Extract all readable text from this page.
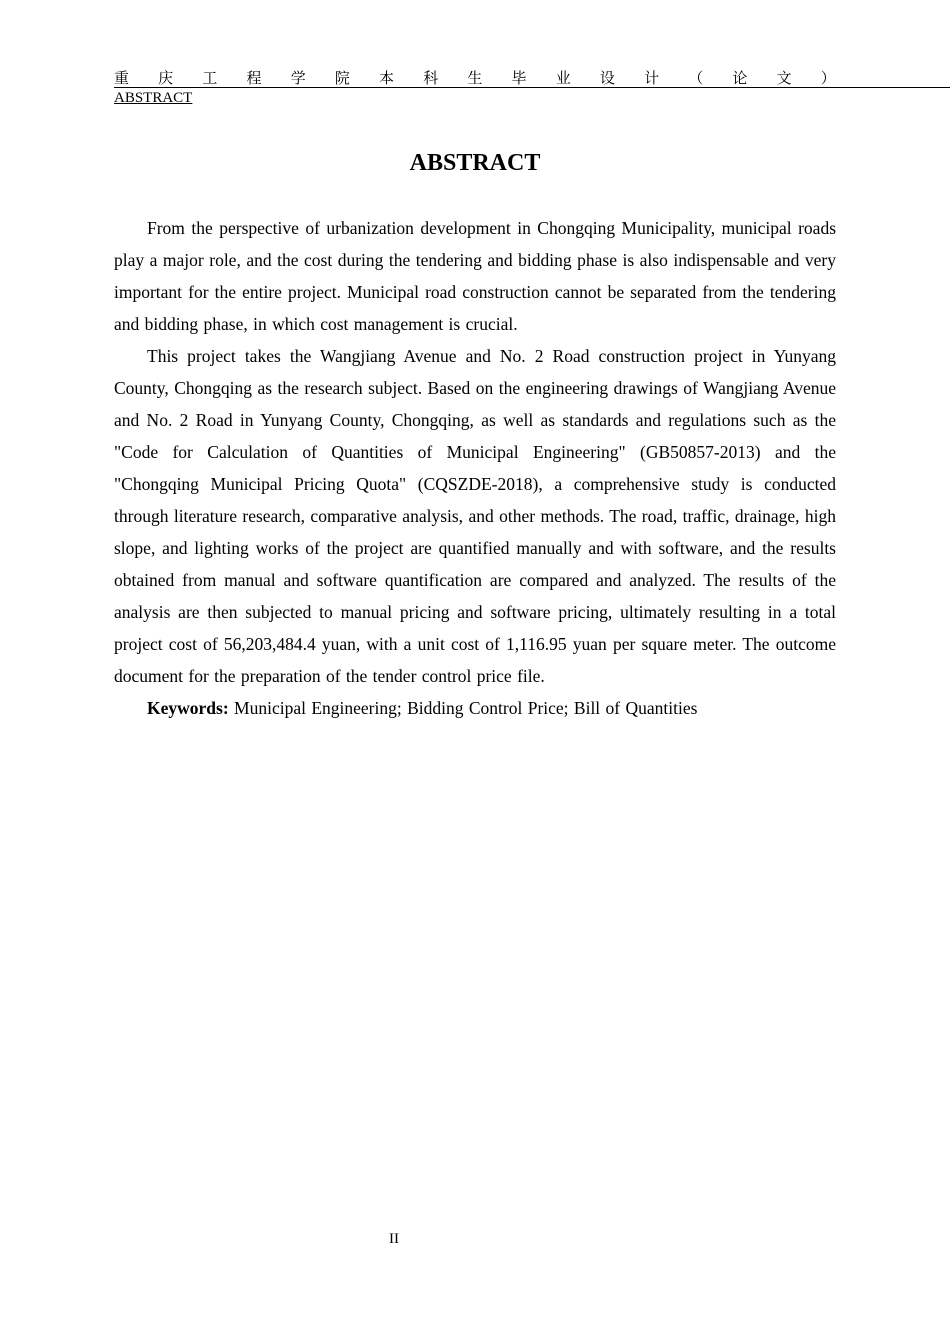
重 庆 工 程 学 院 本 科 生 毕 业 设 计 （ 论 文 ）
ABSTRACT
ABSTRACT

From the perspective of urbanization development in Chongqing Municipality, municipal roads play a major role, and the cost during the tendering and bidding phase is also indispensable and very important for the entire project. Municipal road construction cannot be separated from the tendering and bidding phase, in which cost management is crucial.

This project takes the Wangjiang Avenue and No. 2 Road construction project in Yunyang County, Chongqing as the research subject. Based on the engineering drawings of Wangjiang Avenue and No. 2 Road in Yunyang County, Chongqing, as well as standards and regulations such as the "Code for Calculation of Quantities of Municipal Engineering" (GB50857-2013) and the "Chongqing Municipal Pricing Quota" (CQSZDE-2018), a comprehensive study is conducted through literature research, comparative analysis, and other methods. The road, traffic, drainage, high slope, and lighting works of the project are quantified manually and with software, and the results obtained from manual and software quantification are compared and analyzed. The results of the analysis are then subjected to manual pricing and software pricing, ultimately resulting in a total project cost of 56,203,484.4 yuan, with a unit cost of 1,116.95 yuan per square meter. The outcome document for the preparation of the tender control price file.

Keywords: Municipal Engineering; Bidding Control Price; Bill of Quantities

II
